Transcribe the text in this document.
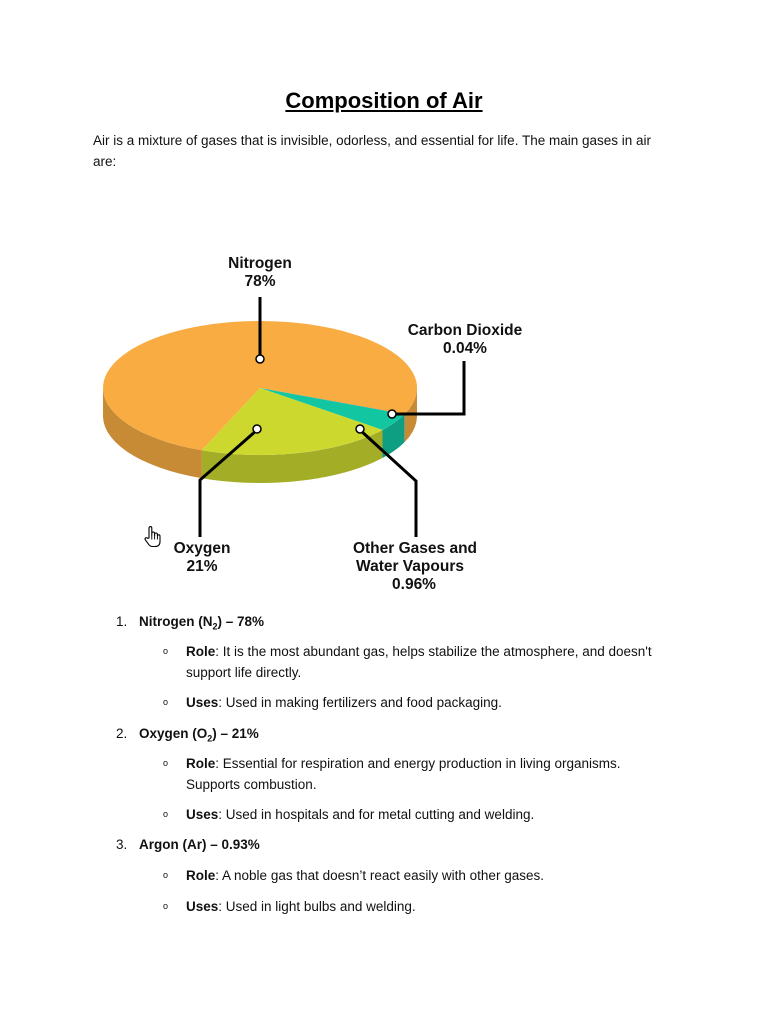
Composition of Air
Air is a mixture of gases that is invisible, odorless, and essential for life. The main gases in air are:
Nitrogen
78%
Oxygen
21%
Other Gases and
Water Vapours
0.96%
Carbon Dioxide
0.04%
1. Nitrogen $(N_2) - 78\%$
o Role: It is the most abundant gas, helps stabilize the atmosphere, and doesn't support life directly.
o Uses: Used in making fertilizers and food packaging.
2. Oxygen $(O_2) - 21\%$
o Role: Essential for respiration and energy production in living organisms. Supports combustion.
o Uses: Used in hospitals and for metal cutting and welding.
3. Argon (Ar) – 0.93%
o Role: A noble gas that doesn’t react easily with other gases.
o Uses: Used in light bulbs and welding.
